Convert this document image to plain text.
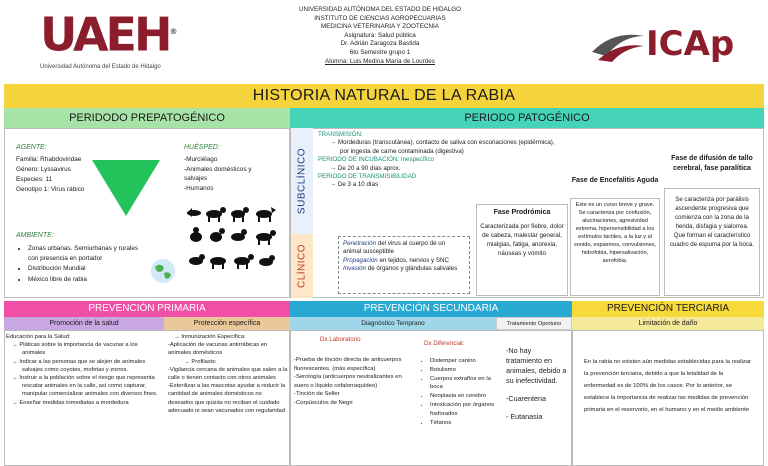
UAEH®
Universidad Autónoma del Estado de Hidalgo
UNIVERSIDAD AUTÓNOMA DEL ESTADO DE HIDALGO
INSTITUTO DE CIENCIAS AGROPECUARIAS
MEDICINA VETERINARIA Y ZOOTECNIA
Asignatura: Salud pública
Dr. Adrián Zaragoza Bastida
6to Semestre grupo 1
Alumna: Luis Medina María de Lourdes	ICAp
HISTORIA NATURAL DE LA RABIA
PERIDODO PREPATOGÉNICO	PERIODO PATOGÉNICO
AGENTE:
Familia: Rhabdoviridae
Género: Lyssavirus
Especies: 11
Genotipo 1: Virus rábico
HUÉSPED:
-Murciélago
-Animales domésticos y salvajes
-Humanos
AMBIENTE:
• Zonas urbanas. Semiurbanas y rurales con presencia en portador
• Distribución Mundial
• México libre de rabia
SUBCLÍNICO
CLÍNICO
TRANSMISIÓN:
→ Mordeduras (transcutánea), contacto de saliva con escoriaciones (epidérmica), por ingesta de carne contaminada (digestiva)
PERIODO DE INCUBACIÓN: Inespecífico
→ De 20 a 90 días aprox.
PERIODO DE TRANSMISIBILIDAD
→ De 3 a 10 días
Penetración del virus al cuerpo de un animal susceptible
Propagación en tejidos, nervios y SNC
Invasión de órganos y glándulas salivales
Fase Prodrómica
Caracterizada por fiebre, dolor de cabeza, malestar general, mialgias, fatiga, anorexia, náuseas y vómito
Fase de Encefalitis Aguda
Este es un curso breve y grave. Se caracteriza por confusión, alucinaciones, agresividad extrema, hipersensibilidad a los estímulos táctiles, a la luz y al sonido, espasmos, convulsiones, hidrofobia, hipersalivación, aerofobia.
Fase de difusión de tallo cerebral, fase paralítica
Se caracteriza por parálisis ascendente progresiva que comienza con la zona de la herida, disfagia y sialorrea. Que forman el característico cuadro de espuma por la boca.
PREVENCIÓN PRIMARIA	PREVENCIÓN SECUNDARIA	PREVENCIÓN TERCIARIA
Promoción de la salud	Protección específica	Diagnóstico Temprano	Tratamiento Oportuno	Limitación de daño
Educación para la Salud:
→ Pláticas sobre la importancia de vacunar a los animales
→ Indicar a las personas que se alejen de animales salvajes como coyotes, mofetas y zorros.
→ Instruir a la población sobre el riesgo que representa rescatar animales en la calle, así como capturar, manipular comercializar animales con diversos fines.
→ Enseñar medidas inmediatas a mordedura
→ Inmunización Específica:
-Aplicación de vacunas antirrábicas en animales domésticos
→ Profilaxis:
-Vigilancia cercana de animales que salen a la calle o tienen contacto con otros animales
-Esterilizar a las mascotas ayudar a reducir la cantidad de animales domésticos no deseados que quizás no reciban el cuidado adecuado ni sean vacunados con regularidad
Dx Laboratorio
-Prueba de tinción directa de anticuerpos fluorescentes. (más específica)
-Serología (anticuerpos neutralizantes en suero o líquido cefalorraquídeo)
-Tinción de Seller
-Corpúsculos de Negri
Dx Diferencial:
• Distemper canino
• Botulismo
• Cuerpos extraños en la boca
• Neoplasia en cerebro
• Intoxicación por órganos fosforados
• Tétanos
-No hay tratamiento en animales, debido a su inefectividad.
-Cuarentena
- Eutanasia
En la rabia no existen aún medidas establecidas para la realizar la prevención terciaria, debido a que la letalidad de la enfermedad es de 100% de los casos. Por lo anterior, se establece la importancia de realizar las medidas de prevención primaria en el reservorio, en el humano y en el medio ambiente
